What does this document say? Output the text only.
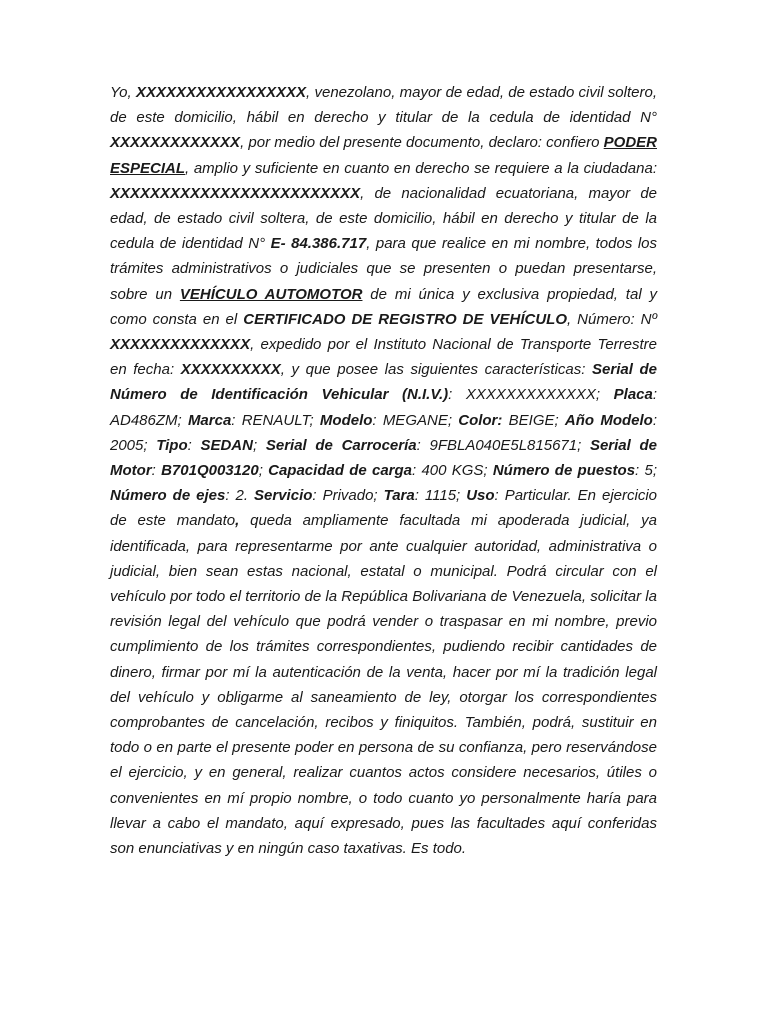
Yo, XXXXXXXXXXXXXXXXX, venezolano, mayor de edad, de estado civil soltero, de este domicilio, hábil en derecho y titular de la cedula de identidad N° XXXXXXXXXXXXX, por medio del presente documento, declaro: confiero PODER ESPECIAL, amplio y suficiente en cuanto en derecho se requiere a la ciudadana: XXXXXXXXXXXXXXXXXXXXXXXXX, de nacionalidad ecuatoriana, mayor de edad, de estado civil soltera, de este domicilio, hábil en derecho y titular de la cedula de identidad N° E- 84.386.717, para que realice en mi nombre, todos los trámites administrativos o judiciales que se presenten o puedan presentarse, sobre un VEHÍCULO AUTOMOTOR de mi única y exclusiva propiedad, tal y como consta en el CERTIFICADO DE REGISTRO DE VEHÍCULO, Número: Nº XXXXXXXXXXXXXX, expedido por el Instituto Nacional de Transporte Terrestre en fecha: XXXXXXXXXX, y que posee las siguientes características: Serial de Número de Identificación Vehicular (N.I.V.): XXXXXXXXXXXXX; Placa: AD486ZM; Marca: RENAULT; Modelo: MEGANE; Color: BEIGE; Año Modelo: 2005; Tipo: SEDAN; Serial de Carrocería: 9FBLA040E5L815671; Serial de Motor: B701Q003120; Capacidad de carga: 400 KGS; Número de puestos: 5; Número de ejes: 2. Servicio: Privado; Tara: 1115; Uso: Particular. En ejercicio de este mandato, queda ampliamente facultada mi apoderada judicial, ya identificada, para representarme por ante cualquier autoridad, administrativa o judicial, bien sean estas nacional, estatal o municipal. Podrá circular con el vehículo por todo el territorio de la República Bolivariana de Venezuela, solicitar la revisión legal del vehículo que podrá vender o traspasar en mi nombre, previo cumplimiento de los trámites correspondientes, pudiendo recibir cantidades de dinero, firmar por mí la autenticación de la venta, hacer por mí la tradición legal del vehículo y obligarme al saneamiento de ley, otorgar los correspondientes comprobantes de cancelación, recibos y finiquitos. También, podrá, sustituir en todo o en parte el presente poder en persona de su confianza, pero reservándose el ejercicio, y en general, realizar cuantos actos considere necesarios, útiles o convenientes en mí propio nombre, o todo cuanto yo personalmente haría para llevar a cabo el mandato, aquí expresado, pues las facultades aquí conferidas son enunciativas y en ningún caso taxativas. Es todo.
